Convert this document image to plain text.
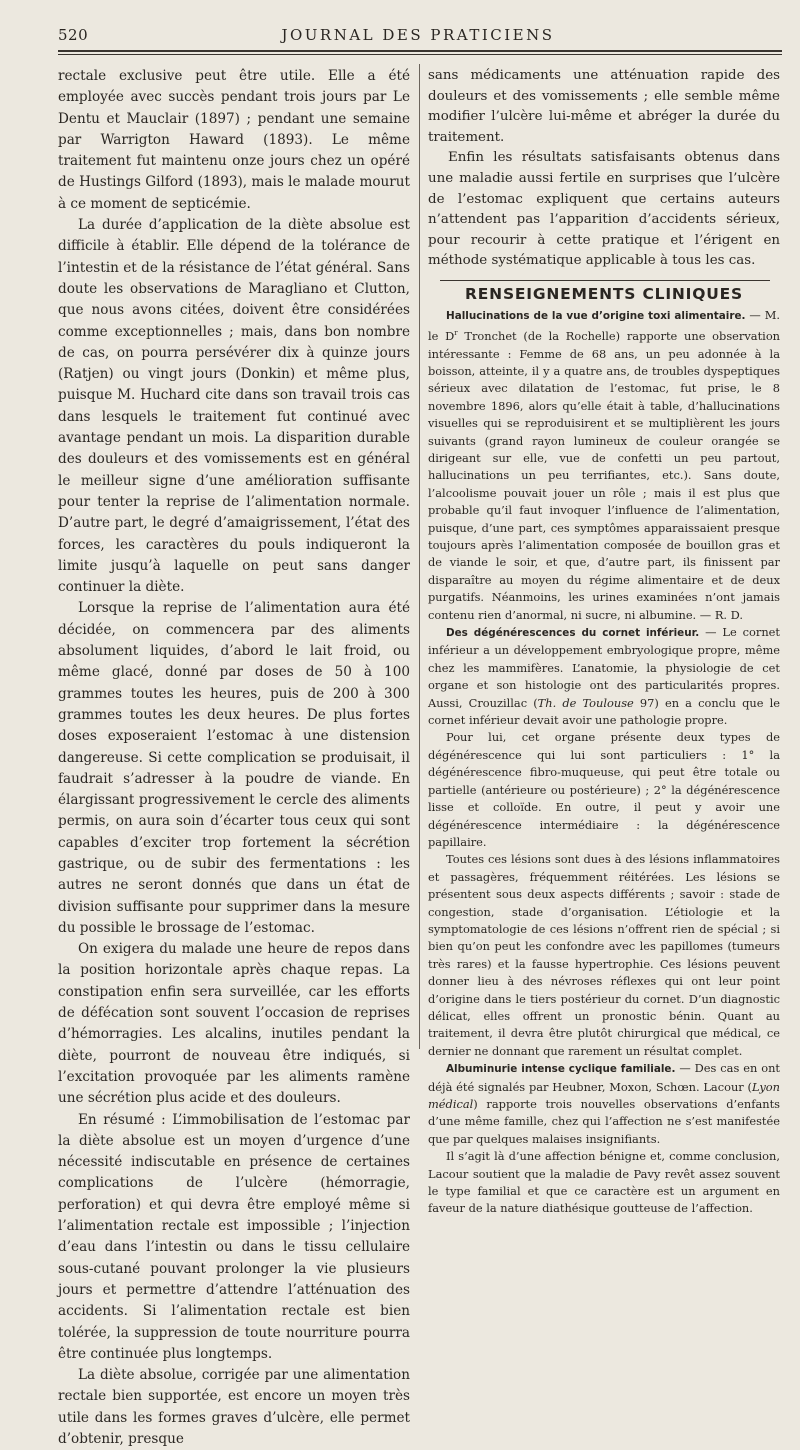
520	JOURNAL DES PRATICIENS

rectale exclusive peut être utile. Elle a été employée avec succès pendant trois jours par Le Dentu et Mauclair (1897) ; pendant une semaine par Warrigton Haward (1893). Le même traitement fut maintenu onze jours chez un opéré de Hustings Gilford (1893), mais le malade mourut à ce moment de septicémie.

La durée d’application de la diète absolue est difficile à établir. Elle dépend de la tolérance de l’intestin et de la résistance de l’état général. Sans doute les observations de Maragliano et Clutton, que nous avons citées, doivent être considérées comme exceptionnelles ; mais, dans bon nombre de cas, on pourra persévérer dix à quinze jours (Ratjen) ou vingt jours (Donkin) et même plus, puisque M. Huchard cite dans son travail trois cas dans lesquels le traitement fut continué avec avantage pendant un mois. La disparition durable des douleurs et des vomissements est en général le meilleur signe d’une amélioration suffisante pour tenter la reprise de l’alimentation normale. D’autre part, le degré d’amaigrissement, l’état des forces, les caractères du pouls indiqueront la limite jusqu’à laquelle on peut sans danger continuer la diète.

Lorsque la reprise de l’alimentation aura été décidée, on commencera par des aliments absolument liquides, d’abord le lait froid, ou même glacé, donné par doses de 50 à 100 grammes toutes les heures, puis de 200 à 300 grammes toutes les deux heures. De plus fortes doses exposeraient l’estomac à une distension dangereuse. Si cette complication se produisait, il faudrait s’adresser à la poudre de viande. En élargissant progressivement le cercle des aliments permis, on aura soin d’écarter tous ceux qui sont capables d’exciter trop fortement la sécrétion gastrique, ou de subir des fermentations : les autres ne seront donnés que dans un état de division suffisante pour supprimer dans la mesure du possible le brossage de l’estomac.

On exigera du malade une heure de repos dans la position horizontale après chaque repas. La constipation enfin sera surveillée, car les efforts de défécation sont souvent l’occasion de reprises d’hémorragies. Les alcalins, inutiles pendant la diète, pourront de nouveau être indiqués, si l’excitation provoquée par les aliments ramène une sécrétion plus acide et des douleurs.

En résumé : L’immobilisation de l’estomac par la diète absolue est un moyen d’urgence d’une nécessité indiscutable en présence de certaines complications de l’ulcère (hémorragie, perforation) et qui devra être employé même si l’alimentation rectale est impossible ; l’injection d’eau dans l’intestin ou dans le tissu cellulaire sous-cutané pouvant prolonger la vie plusieurs jours et permettre d’attendre l’atténuation des accidents. Si l’alimentation rectale est bien tolérée, la suppression de toute nourriture pourra être continuée plus longtemps.

La diète absolue, corrigée par une alimentation rectale bien supportée, est encore un moyen très utile dans les formes graves d’ulcère, elle permet d’obtenir, presque

sans médicaments une atténuation rapide des douleurs et des vomissements ; elle semble même modifier l’ulcère lui-même et abréger la durée du traitement.

Enfin les résultats satisfaisants obtenus dans une maladie aussi fertile en surprises que l’ulcère de l’estomac expliquent que certains auteurs n’attendent pas l’apparition d’accidents sérieux, pour recourir à cette pratique et l’érigent en méthode systématique applicable à tous les cas.

RENSEIGNEMENTS CLINIQUES

Hallucinations de la vue d’origine toxi alimentaire. — M. le $D^r$ Tronchet (de la Rochelle) rapporte une observation intéressante : Femme de 68 ans, un peu adonnée à la boisson, atteinte, il y a quatre ans, de troubles dyspeptiques sérieux avec dilatation de l’estomac, fut prise, le 8 novembre 1896, alors qu’elle était à table, d’hallucinations visuelles qui se reproduisirent et se multiplièrent les jours suivants (grand rayon lumineux de couleur orangée se dirigeant sur elle, vue de confetti un peu partout, hallucinations un peu terrifiantes, etc.). Sans doute, l’alcoolisme pouvait jouer un rôle ; mais il est plus que probable qu’il faut invoquer l’influence de l’alimentation, puisque, d’une part, ces symptômes apparaissaient presque toujours après l’alimentation composée de bouillon gras et de viande le soir, et que, d’autre part, ils finissent par disparaître au moyen du régime alimentaire et de deux purgatifs. Néanmoins, les urines examinées n’ont jamais contenu rien d’anormal, ni sucre, ni albumine. — R. D.

Des dégénérescences du cornet inférieur. — Le cornet inférieur a un développement embryologique propre, même chez les mammifères. L’anatomie, la physiologie de cet organe et son histologie ont des particularités propres. Aussi, Crouzillac (Th. de Toulouse 97) en a conclu que le cornet inférieur devait avoir une pathologie propre.

Pour lui, cet organe présente deux types de dégénérescence qui lui sont particuliers : 1° la dégénérescence fibro-muqueuse, qui peut être totale ou partielle (antérieure ou postérieure) ; 2° la dégénérescence lisse et colloïde. En outre, il peut y avoir une dégénérescence intermédiaire : la dégénérescence papillaire.

Toutes ces lésions sont dues à des lésions inflammatoires et passagères, fréquemment réitérées. Les lésions se présentent sous deux aspects différents ; savoir : stade de congestion, stade d’organisation. L’étiologie et la symptomatologie de ces lésions n’offrent rien de spécial ; si bien qu’on peut les confondre avec les papillomes (tumeurs très rares) et la fausse hypertrophie. Ces lésions peuvent donner lieu à des névroses réflexes qui ont leur point d’origine dans le tiers postérieur du cornet. D’un diagnostic délicat, elles offrent un pronostic bénin. Quant au traitement, il devra être plutôt chirurgical que médical, ce dernier ne donnant que rarement un résultat complet.

Albuminurie intense cyclique familiale. — Des cas en ont déjà été signalés par Heubner, Moxon, Schœn. Lacour (Lyon médical) rapporte trois nouvelles observations d’enfants d’une même famille, chez qui l’affection ne s’est manifestée que par quelques malaises insignifiants.

Il s’agit là d’une affection bénigne et, comme conclusion, Lacour soutient que la maladie de Pavy revêt assez souvent le type familial et que ce caractère est un argument en faveur de la nature diathésique goutteuse de l’affection.
